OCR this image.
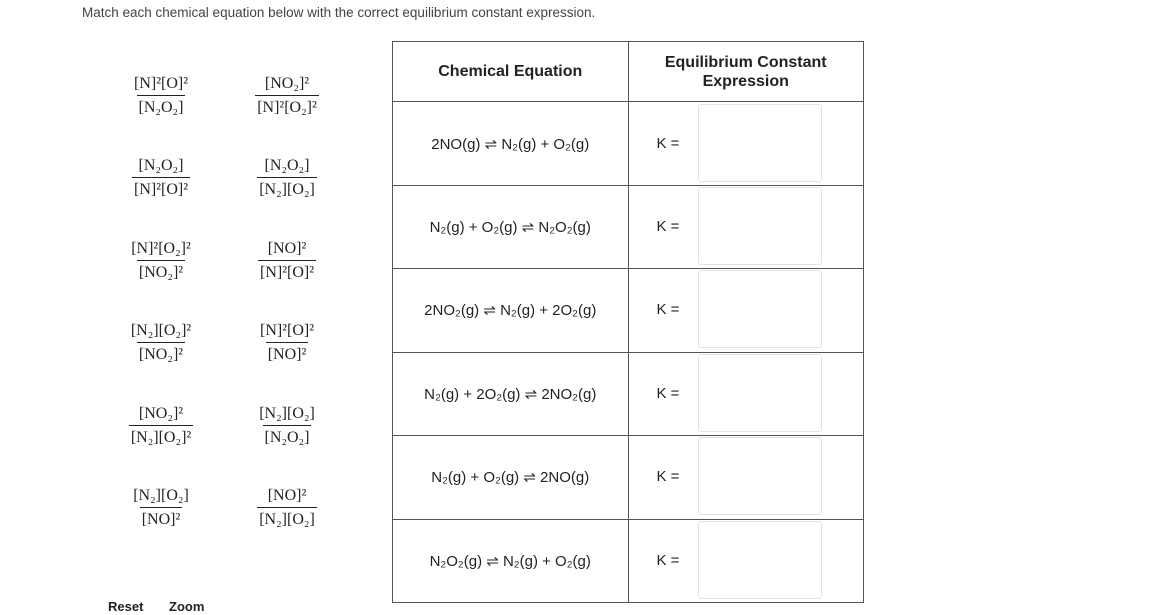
Match each chemical equation below with the correct equilibrium constant expression.
$\frac{\text{[N]²[O]²}}{\text{[N₂O₂]}}$	$\frac{\text{[NO₂]²}}{\text{[N]²[O₂]²}}$
$\frac{\text{[N₂O₂]}}{\text{[N]²[O]²}}$	$\frac{\text{[N₂O₂]}}{\text{[N₂][O₂]}}$
$\frac{\text{[N]²[O₂]²}}{\text{[NO₂]²}}$	$\frac{\text{[NO]²}}{\text{[N]²[O]²}}$
$\frac{\text{[N₂][O₂]²}}{\text{[NO₂]²}}$	$\frac{\text{[N]²[O]²}}{\text{[NO]²}}$
$\frac{\text{[NO₂]²}}{\text{[N₂][O₂]²}}$	$\frac{\text{[N₂][O₂]}}{\text{[N₂O₂]}}$
$\frac{\text{[N₂][O₂]}}{\text{[NO]²}}$	$\frac{\text{[NO]²}}{\text{[N₂][O₂]}}$
Chemical Equation	Equilibrium Constant Expression
2NO(g) ⇌ N₂(g) + O₂(g)	K =

N₂(g) + O₂(g) ⇌ N₂O₂(g)	K =

2NO₂(g) ⇌ N₂(g) + 2O₂(g)	K =

N₂(g) + 2O₂(g) ⇌ 2NO₂(g)	K =

N₂(g) + O₂(g) ⇌ 2NO(g)	K =

N₂O₂(g) ⇌ N₂(g) + O₂(g)	K =
Reset Zoom
